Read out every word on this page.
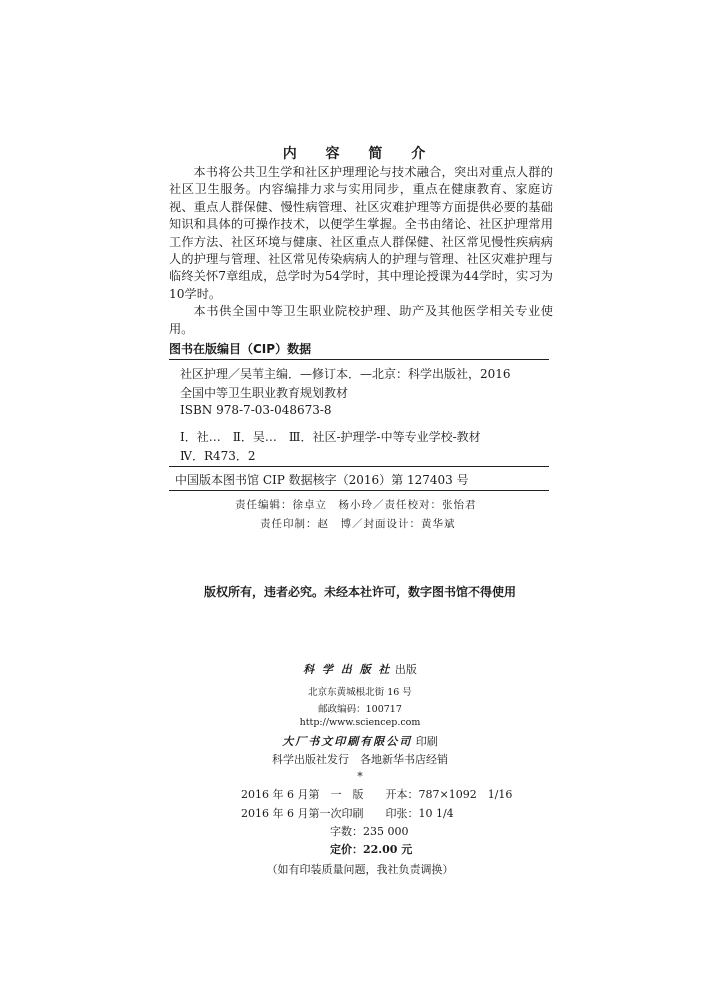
内 容 简 介

本书将公共卫生学和社区护理理论与技术融合，突出对重点人群的社区卫生服务。内容编排力求与实用同步，重点在健康教育、家庭访视、重点人群保健、慢性病管理、社区灾难护理等方面提供必要的基础知识和具体的可操作技术，以便学生掌握。全书由绪论、社区护理常用工作方法、社区环境与健康、社区重点人群保健、社区常见慢性疾病病人的护理与管理、社区常见传染病病人的护理与管理、社区灾难护理与临终关怀7章组成，总学时为54学时，其中理论授课为44学时，实习为10学时。

本书供全国中等卫生职业院校护理、助产及其他医学相关专业使用。

图书在版编目（CIP）数据
社区护理／吴苇主编．—修订本．—北京：科学出版社，2016
全国中等卫生职业教育规划教材
ISBN 978-7-03-048673-8
Ⅰ．社…　Ⅱ．吴…　Ⅲ．社区-护理学-中等专业学校-教材
Ⅳ．R473．2
中国版本图书馆 CIP 数据核字（2016）第 127403 号
责任编辑：徐卓立　杨小玲／责任校对：张怡君
责任印制：赵　博／封面设计：黄华斌
版权所有，违者必究。未经本社许可，数字图书馆不得使用
科 学 出 版 社 出版
北京东黄城根北街 16 号
邮政编码：100717
http://www.sciencep.com
大厂书文印刷有限公司 印刷
科学出版社发行　各地新华书店经销
*
2016 年 6 月第　一　版　　开本：787×1092　1/16
2016 年 6 月第一次印刷　　印张：10 1/4
字数：235 000
定价：22.00 元
（如有印装质量问题，我社负责调换）
